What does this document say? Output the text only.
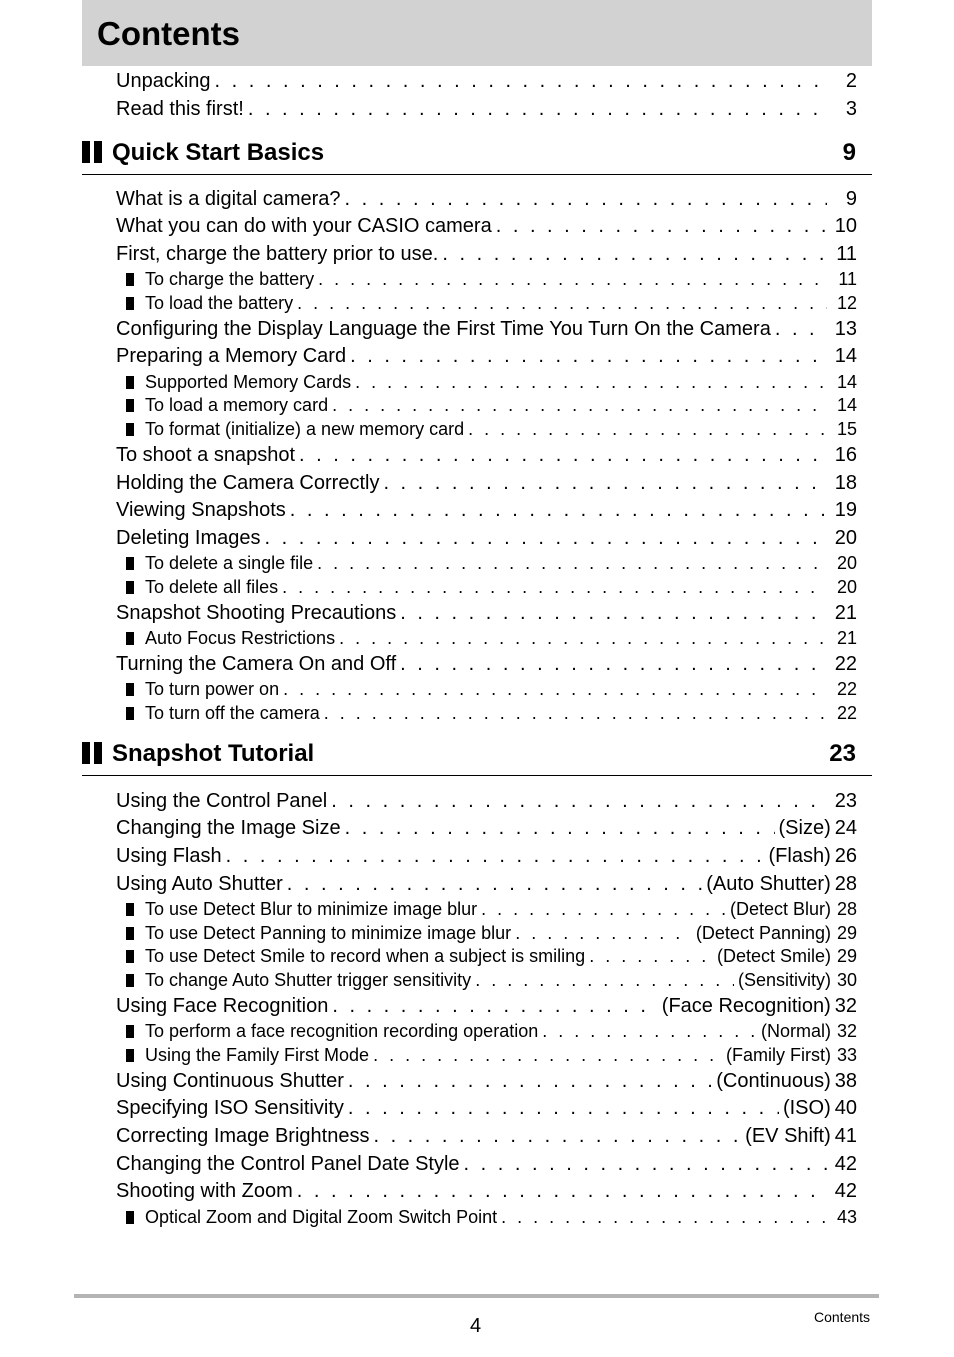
Contents
Unpacking . . .	2
Read this first! . . .	3
Quick Start Basics	9
What is a digital camera? . . .	9
What you can do with your CASIO camera . . .	10
First, charge the battery prior to use. . . .	11
To charge the battery . . .	11
To load the battery . . .	12
Configuring the Display Language the First Time You Turn On the Camera . . .	13
Preparing a Memory Card . . .	14
Supported Memory Cards . . .	14
To load a memory card . . .	14
To format (initialize) a new memory card . . .	15
To shoot a snapshot . . .	16
Holding the Camera Correctly . . .	18
Viewing Snapshots . . .	19
Deleting Images . . .	20
To delete a single file . . .	20
To delete all files . . .	20
Snapshot Shooting Precautions . . .	21
Auto Focus Restrictions . . .	21
Turning the Camera On and Off . . .	22
To turn power on . . .	22
To turn off the camera . . .	22
Snapshot Tutorial	23
Using the Control Panel . . .	23
Changing the Image Size . . .	(Size) 24
Using Flash . . .	(Flash) 26
Using Auto Shutter . . .	(Auto Shutter) 28
To use Detect Blur to minimize image blur . . .	(Detect Blur) 28
To use Detect Panning to minimize image blur . . .	(Detect Panning) 29
To use Detect Smile to record when a subject is smiling . . .	(Detect Smile) 29
To change Auto Shutter trigger sensitivity . . .	(Sensitivity) 30
Using Face Recognition . . .	(Face Recognition) 32
To perform a face recognition recording operation . . .	(Normal) 32
Using the Family First Mode . . .	(Family First) 33
Using Continuous Shutter . . .	(Continuous) 38
Specifying ISO Sensitivity . . .	(ISO) 40
Correcting Image Brightness . . .	(EV Shift) 41
Changing the Control Panel Date Style . . .	42
Shooting with Zoom . . .	42
Optical Zoom and Digital Zoom Switch Point . . .	43
4	Contents
